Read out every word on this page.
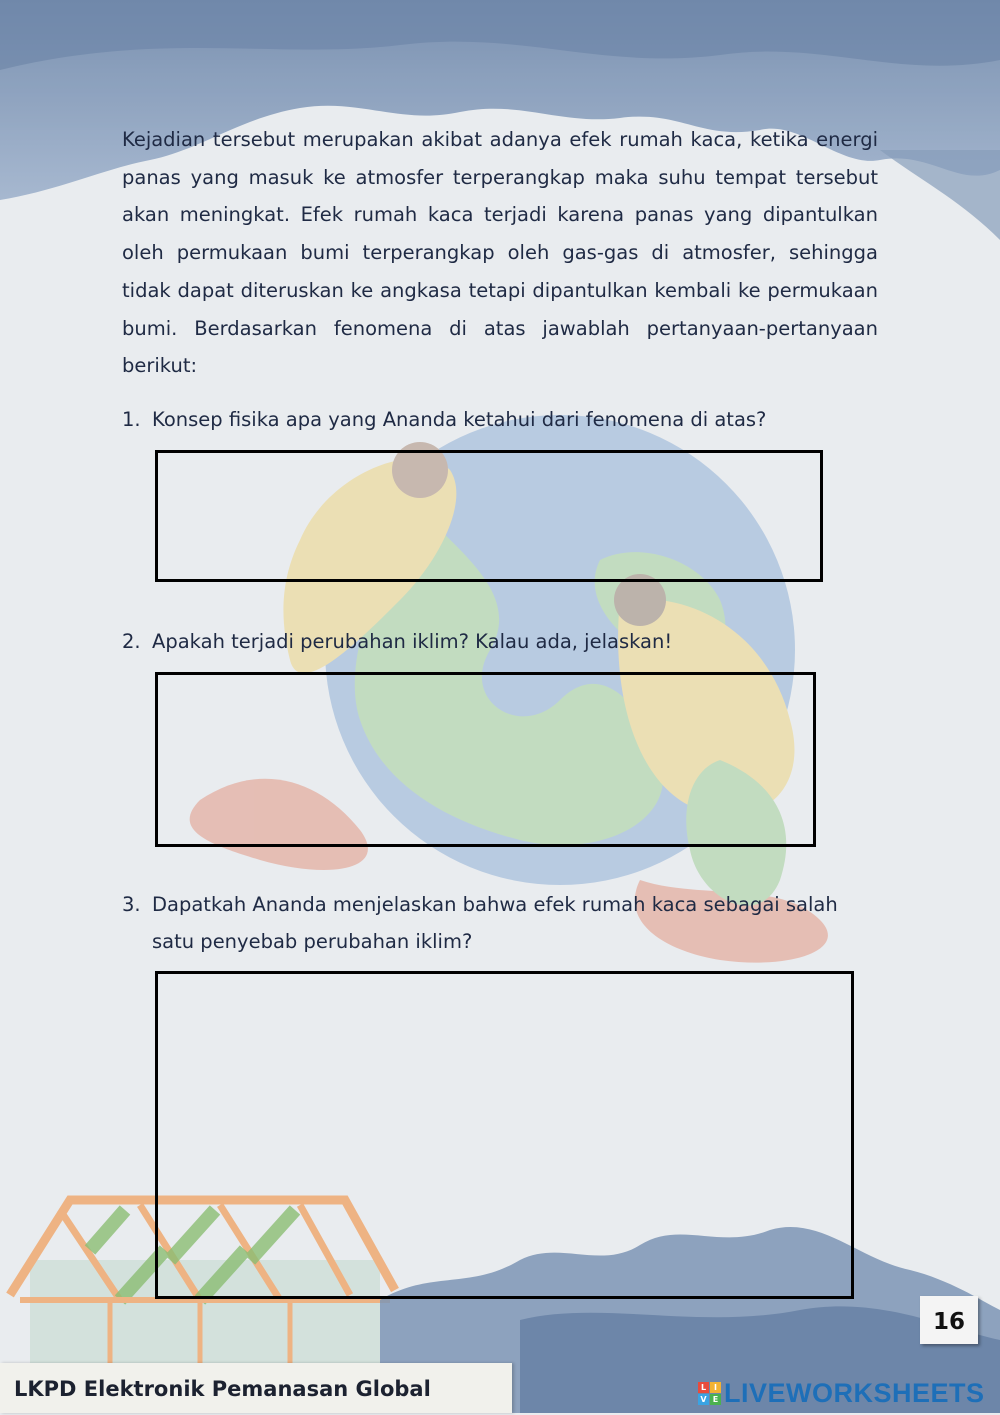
Kejadian tersebut merupakan akibat adanya efek rumah kaca, ketika energi panas yang masuk ke atmosfer terperangkap maka suhu tempat tersebut akan meningkat. Efek rumah kaca terjadi karena panas yang dipantulkan oleh permukaan bumi terperangkap oleh gas-gas di atmosfer, sehingga tidak dapat diteruskan ke angkasa tetapi dipantulkan kembali ke permukaan bumi. Berdasarkan fenomena di atas jawablah pertanyaan-pertanyaan berikut:

1. Konsep fisika apa yang Ananda ketahui dari fenomena di atas?
2. Apakah terjadi perubahan iklim? Kalau ada, jelaskan!
3. Dapatkah Ananda menjelaskan bahwa efek rumah kaca sebagai salah satu penyebab perubahan iklim?
16
LKPD Elektronik Pemanasan Global	L I
V E LIVEWORKSHEETS
